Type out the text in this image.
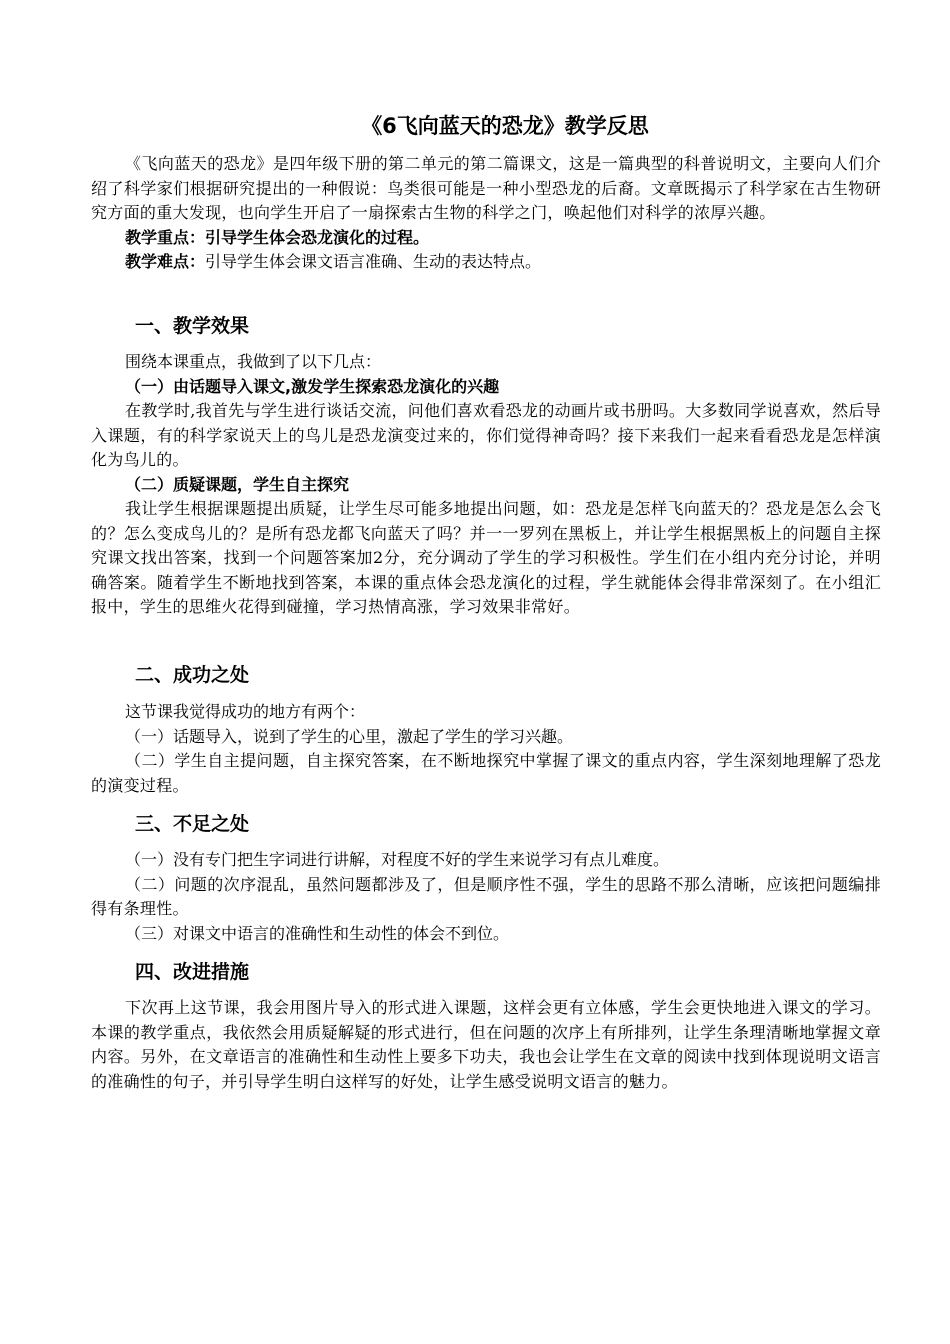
《6飞向蓝天的恐龙》教学反思

《飞向蓝天的恐龙》是四年级下册的第二单元的第二篇课文，这是一篇典型的科普说明文，主要向人们介绍了科学家们根据研究提出的一种假说：鸟类很可能是一种小型恐龙的后裔。文章既揭示了科学家在古生物研究方面的重大发现，也向学生开启了一扇探索古生物的科学之门，唤起他们对科学的浓厚兴趣。

教学重点：引导学生体会恐龙演化的过程。

教学难点：引导学生体会课文语言准确、生动的表达特点。

一、教学效果

围绕本课重点，我做到了以下几点：

（一）由话题导入课文,激发学生探索恐龙演化的兴趣

在教学时,我首先与学生进行谈话交流，问他们喜欢看恐龙的动画片或书册吗。大多数同学说喜欢，然后导入课题，有的科学家说天上的鸟儿是恐龙演变过来的，你们觉得神奇吗？接下来我们一起来看看恐龙是怎样演化为鸟儿的。

（二）质疑课题，学生自主探究

我让学生根据课题提出质疑，让学生尽可能多地提出问题，如：恐龙是怎样飞向蓝天的？恐龙是怎么会飞的？怎么变成鸟儿的？是所有恐龙都飞向蓝天了吗？并一一罗列在黑板上，并让学生根据黑板上的问题自主探究课文找出答案，找到一个问题答案加2分，充分调动了学生的学习积极性。学生们在小组内充分讨论，并明确答案。随着学生不断地找到答案，本课的重点体会恐龙演化的过程，学生就能体会得非常深刻了。在小组汇报中，学生的思维火花得到碰撞，学习热情高涨，学习效果非常好。

二、成功之处

这节课我觉得成功的地方有两个：

（一）话题导入，说到了学生的心里，激起了学生的学习兴趣。

（二）学生自主提问题，自主探究答案，在不断地探究中掌握了课文的重点内容，学生深刻地理解了恐龙的演变过程。

三、不足之处

（一）没有专门把生字词进行讲解，对程度不好的学生来说学习有点儿难度。

（二）问题的次序混乱，虽然问题都涉及了，但是顺序性不强，学生的思路不那么清晰，应该把问题编排得有条理性。

（三）对课文中语言的准确性和生动性的体会不到位。

四、改进措施

下次再上这节课，我会用图片导入的形式进入课题，这样会更有立体感，学生会更快地进入课文的学习。本课的教学重点，我依然会用质疑解疑的形式进行，但在问题的次序上有所排列，让学生条理清晰地掌握文章内容。另外，在文章语言的准确性和生动性上要多下功夫，我也会让学生在文章的阅读中找到体现说明文语言的准确性的句子，并引导学生明白这样写的好处，让学生感受说明文语言的魅力。
